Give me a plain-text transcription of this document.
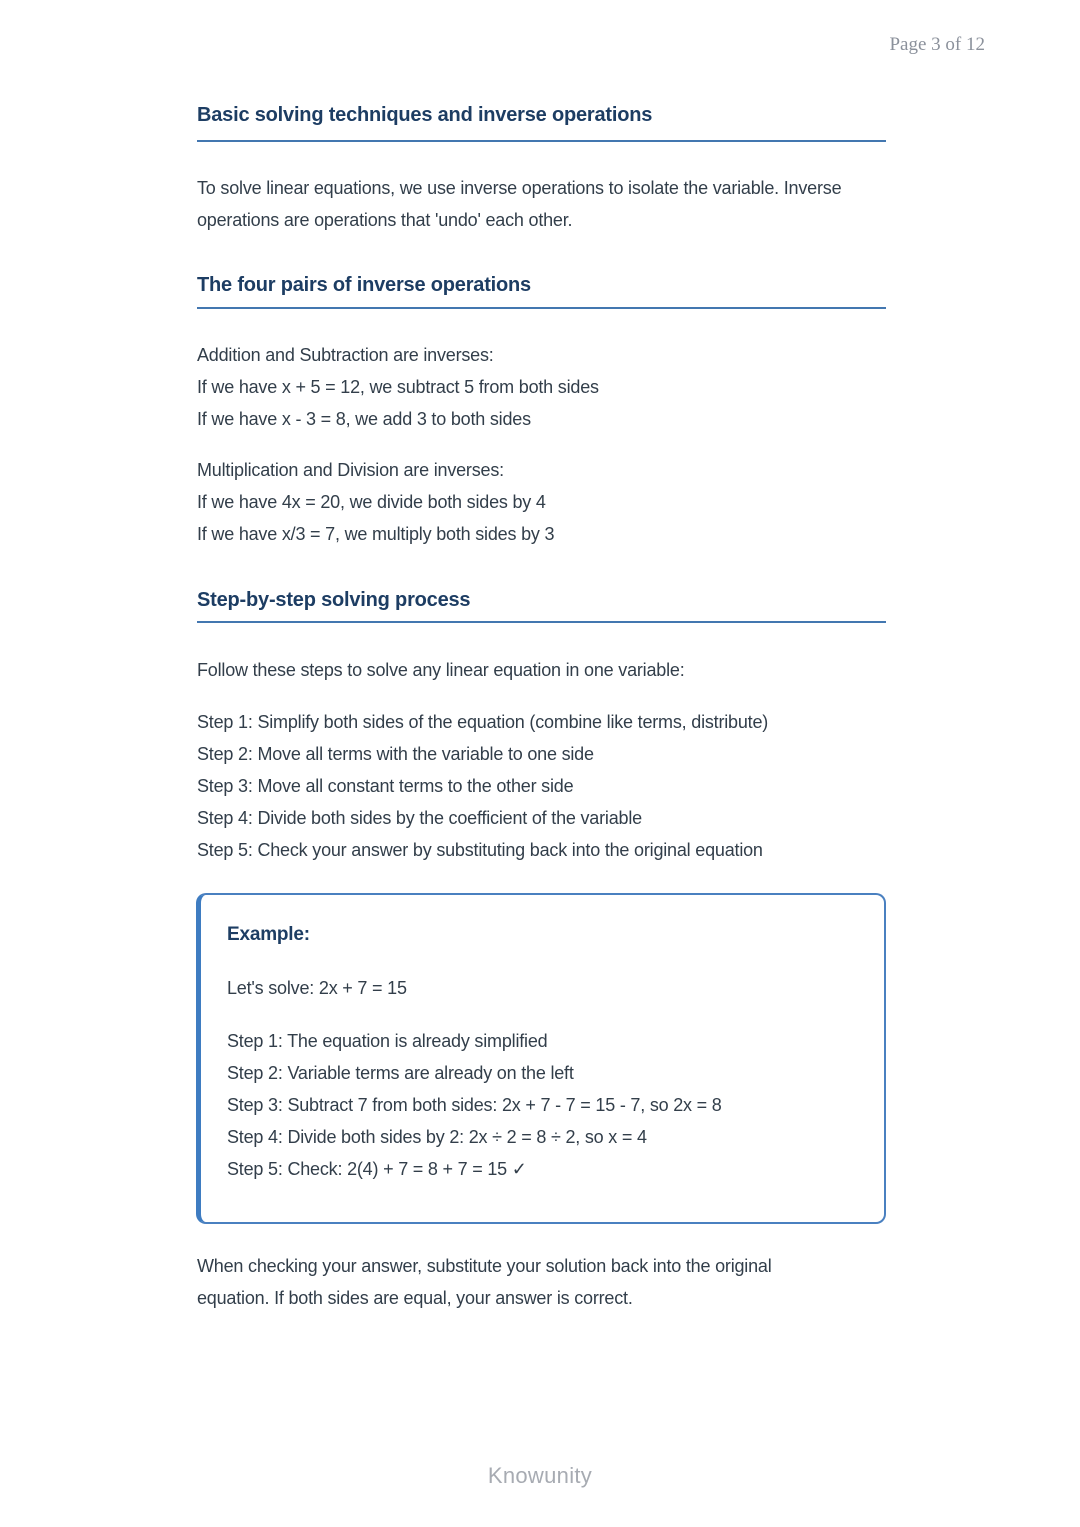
Page 3 of 12
Basic solving techniques and inverse operations
To solve linear equations, we use inverse operations to isolate the variable. Inverse
operations are operations that 'undo' each other.
The four pairs of inverse operations
Addition and Subtraction are inverses:
If we have x + 5 = 12, we subtract 5 from both sides
If we have x - 3 = 8, we add 3 to both sides
Multiplication and Division are inverses:
If we have 4x = 20, we divide both sides by 4
If we have x/3 = 7, we multiply both sides by 3
Step-by-step solving process
Follow these steps to solve any linear equation in one variable:
Step 1: Simplify both sides of the equation (combine like terms, distribute)
Step 2: Move all terms with the variable to one side
Step 3: Move all constant terms to the other side
Step 4: Divide both sides by the coefficient of the variable
Step 5: Check your answer by substituting back into the original equation
Example:
Let's solve: 2x + 7 = 15
Step 1: The equation is already simplified
Step 2: Variable terms are already on the left
Step 3: Subtract 7 from both sides: 2x + 7 - 7 = 15 - 7, so 2x = 8
Step 4: Divide both sides by 2: 2x ÷ 2 = 8 ÷ 2, so x = 4
Step 5: Check: 2(4) + 7 = 8 + 7 = 15 ✓
When checking your answer, substitute your solution back into the original
equation. If both sides are equal, your answer is correct.
Knowunity
